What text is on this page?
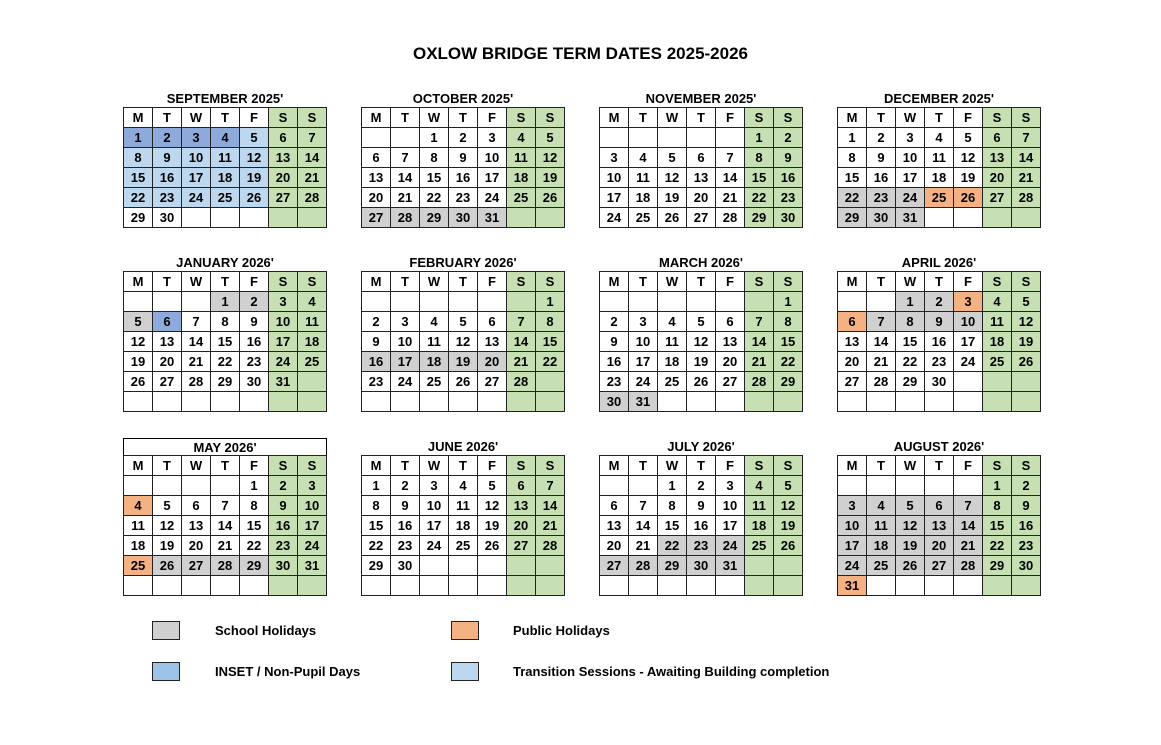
OXLOW BRIDGE TERM DATES 2025-2026
SEPTEMBER 2025'
M	T	W	T	F	S	S
1	2	3	4	5	6	7
8	9	10	11	12	13	14
15	16	17	18	19	20	21
22	23	24	25	26	27	28
29	30					
OCTOBER 2025'
M	T	W	T	F	S	S
		1	2	3	4	5
6	7	8	9	10	11	12
13	14	15	16	17	18	19
20	21	22	23	24	25	26
27	28	29	30	31		
NOVEMBER 2025'
M	T	W	T	F	S	S
					1	2
3	4	5	6	7	8	9
10	11	12	13	14	15	16
17	18	19	20	21	22	23
24	25	26	27	28	29	30
DECEMBER 2025'
M	T	W	T	F	S	S
1	2	3	4	5	6	7
8	9	10	11	12	13	14
15	16	17	18	19	20	21
22	23	24	25	26	27	28
29	30	31				
JANUARY 2026'
M	T	W	T	F	S	S
			1	2	3	4
5	6	7	8	9	10	11
12	13	14	15	16	17	18
19	20	21	22	23	24	25
26	27	28	29	30	31	

FEBRUARY 2026'
M	T	W	T	F	S	S
						1
2	3	4	5	6	7	8
9	10	11	12	13	14	15
16	17	18	19	20	21	22
23	24	25	26	27	28	

MARCH 2026'
M	T	W	T	F	S	S
						1
2	3	4	5	6	7	8
9	10	11	12	13	14	15
16	17	18	19	20	21	22
23	24	25	26	27	28	29
30	31					
APRIL 2026'
M	T	W	T	F	S	S
		1	2	3	4	5
6	7	8	9	10	11	12
13	14	15	16	17	18	19
20	21	22	23	24	25	26
27	28	29	30			

MAY 2026'
M	T	W	T	F	S	S
				1	2	3
4	5	6	7	8	9	10
11	12	13	14	15	16	17
18	19	20	21	22	23	24
25	26	27	28	29	30	31

JUNE 2026'
M	T	W	T	F	S	S
1	2	3	4	5	6	7
8	9	10	11	12	13	14
15	16	17	18	19	20	21
22	23	24	25	26	27	28
29	30					

JULY 2026'
M	T	W	T	F	S	S
		1	2	3	4	5
6	7	8	9	10	11	12
13	14	15	16	17	18	19
20	21	22	23	24	25	26
27	28	29	30	31		

AUGUST 2026'
M	T	W	T	F	S	S
					1	2
3	4	5	6	7	8	9
10	11	12	13	14	15	16
17	18	19	20	21	22	23
24	25	26	27	28	29	30
31						
School Holidays	Public Holidays
INSET / Non-Pupil Days	Transition Sessions - Awaiting Building completion
